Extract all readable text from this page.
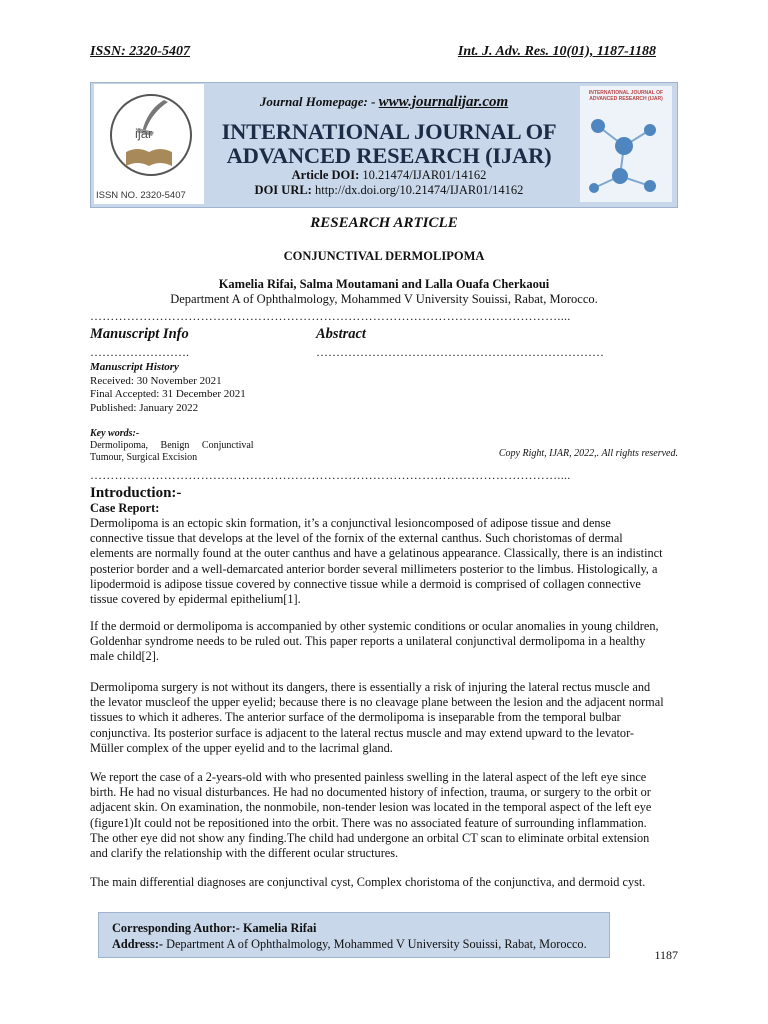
ISSN: 2320-5407	Int. J. Adv. Res. 10(01), 1187-1188
ijar
ISSN NO. 2320-5407
Journal Homepage: - www.journalijar.com
INTERNATIONAL JOURNAL OF
ADVANCED RESEARCH (IJAR)
Article DOI: 10.21474/IJAR01/14162
DOI URL: http://dx.doi.org/10.21474/IJAR01/14162
INTERNATIONAL JOURNAL OF ADVANCED RESEARCH (IJAR)
RESEARCH ARTICLE
CONJUNCTIVAL DERMOLIPOMA
Kamelia Rifai, Salma Moutamani and Lalla Ouafa Cherkaoui
Department A of Ophthalmology, Mohammed V University Souissi, Rabat, Morocco.
……………………………………………………………………………………………………....
Manuscript Info	Abstract
…………………….	………………………………………………………………
Manuscript History
Received: 30 November 2021
Final Accepted: 31 December 2021
Published: January 2022
Key words:-
Dermolipoma,     Benign     Conjunctival
Tumour, Surgical Excision	Copy Right, IJAR, 2022,. All rights reserved.
……………………………………………………………………………………………………....
Introduction:-
Case Report:
Dermolipoma is an ectopic skin formation, it’s a conjunctival lesioncomposed of adipose tissue and dense
connective tissue that develops at the level of the fornix of the external canthus. Such choristomas of dermal
elements are normally found at the outer canthus and have a gelatinous appearance. Classically, there is an indistinct
posterior border and a well-demarcated anterior border several millimeters posterior to the limbus. Histologically, a
lipodermoid is adipose tissue covered by connective tissue while a dermoid is comprised of collagen connective
tissue covered by epidermal epithelium[1].
If the dermoid or dermolipoma is accompanied by other systemic conditions or ocular anomalies in young children,
Goldenhar syndrome needs to be ruled out. This paper reports a unilateral conjunctival dermolipoma in a healthy
male child[2].
Dermolipoma surgery is not without its dangers, there is essentially a risk of injuring the lateral rectus muscle and
the levator muscleof the upper eyelid; because there is no cleavage plane between the lesion and the adjacent normal
tissues to which it adheres. The anterior surface of the dermolipoma is inseparable from the temporal bulbar
conjunctiva. Its posterior surface is adjacent to the lateral rectus muscle and may extend upward to the levator-
Müller complex of the upper eyelid and to the lacrimal gland.
We report the case of a 2-years-old with who presented painless swelling in the lateral aspect of the left eye since
birth. He had no visual disturbances. He had no documented history of infection, trauma, or surgery to the orbit or
adjacent skin. On examination, the nonmobile, non-tender lesion was located in the temporal aspect of the left eye
(figure1)It could not be repositioned into the orbit. There was no associated feature of surrounding inflammation.
The other eye did not show any finding.The child had undergone an orbital CT scan to eliminate orbital extension
and clarify the relationship with the different ocular structures.
The main differential diagnoses are conjunctival cyst, Complex choristoma of the conjunctiva, and dermoid cyst.
Corresponding Author:- Kamelia Rifai
Address:- Department A of Ophthalmology, Mohammed V University Souissi, Rabat, Morocco.
1187
